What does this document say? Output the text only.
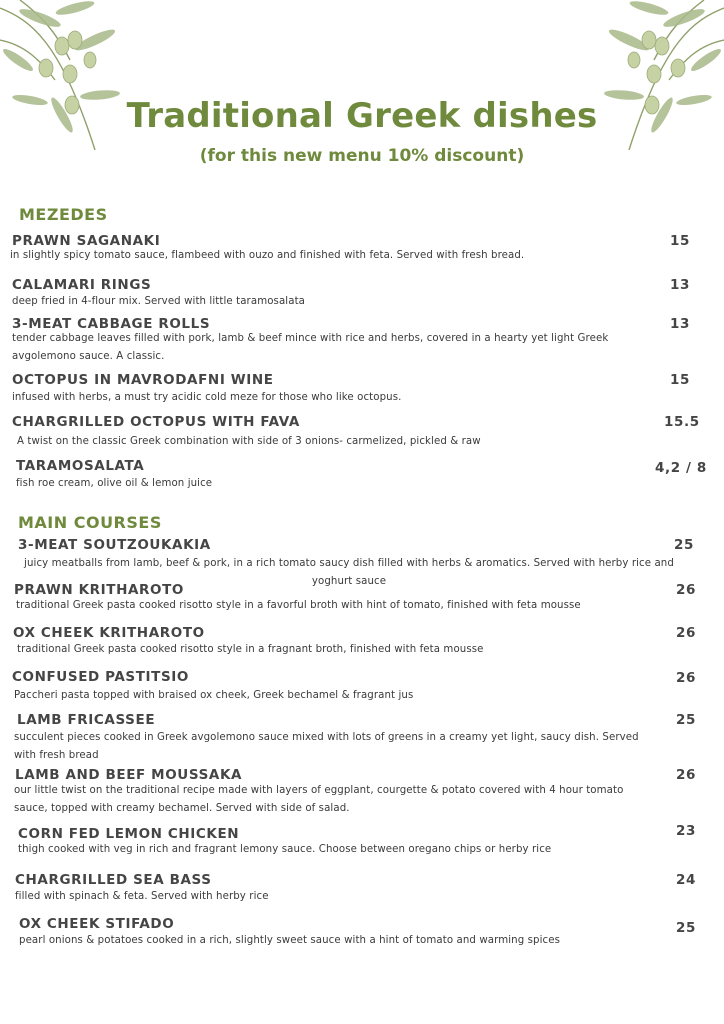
Traditional Greek dishes
(for this new menu 10% discount)
MEZEDES
PRAWN SAGANAKI	15
in slightly spicy tomato sauce, flambeed with ouzo and finished with feta. Served with fresh bread.
CALAMARI RINGS	13
deep fried in 4-flour mix. Served with little taramosalata
3-MEAT CABBAGE ROLLS	13
tender cabbage leaves filled with pork, lamb & beef mince with rice and herbs, covered in a hearty yet light Greek avgolemono sauce. A classic.
OCTOPUS IN MAVRODAFNI WINE	15
infused with herbs, a must try acidic cold meze for those who like octopus.
CHARGRILLED OCTOPUS WITH FAVA	15.5
A twist on the classic Greek combination with side of 3 onions- carmelized, pickled & raw
TARAMOSALATA	4,2 / 8
fish roe cream, olive oil & lemon juice
MAIN COURSES
3-MEAT SOUTZOUKAKIA	25
juicy meatballs from lamb, beef & pork, in a rich tomato saucy dish filled with herbs & aromatics. Served with herby rice and yoghurt sauce
PRAWN KRITHAROTO	26
traditional Greek pasta cooked risotto style in a favorful broth with hint of tomato, finished with feta mousse
OX CHEEK KRITHAROTO	26
traditional Greek pasta cooked risotto style in a fragnant broth, finished with feta mousse
CONFUSED PASTITSIO	26
Paccheri pasta topped with braised ox cheek, Greek bechamel & fragrant jus
LAMB FRICASSEE	25
succulent pieces cooked in Greek avgolemono sauce mixed with lots of greens in a creamy yet light, saucy dish. Served with fresh bread
LAMB AND BEEF MOUSSAKA	26
our little twist on the traditional recipe made with layers of eggplant, courgette & potato covered with 4 hour tomato sauce, topped with creamy bechamel. Served with side of salad.
CORN FED LEMON CHICKEN	23
thigh cooked with veg in rich and fragrant lemony sauce. Choose between oregano chips or herby rice
CHARGRILLED SEA BASS	24
filled with spinach & feta. Served with herby rice
OX CHEEK STIFADO	25
pearl onions & potatoes cooked in a rich, slightly sweet sauce with a hint of tomato and warming spices
